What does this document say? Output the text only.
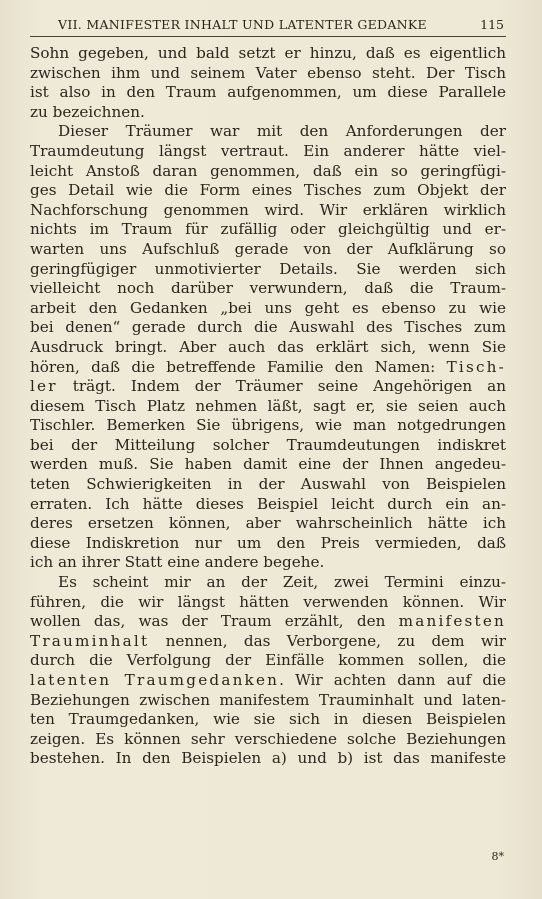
VII. MANIFESTER INHALT UND LATENTER GEDANKE	115
Sohn gegeben, und bald setzt er hinzu, daß es eigentlich
zwischen ihm und seinem Vater ebenso steht. Der Tisch
ist also in den Traum aufgenommen, um diese Parallele
zu bezeichnen.
Dieser Träumer war mit den Anforderungen der
Traumdeutung längst vertraut. Ein anderer hätte viel-
leicht Anstoß daran genommen, daß ein so geringfügi-
ges Detail wie die Form eines Tisches zum Objekt der
Nachforschung genommen wird. Wir erklären wirklich
nichts im Traum für zufällig oder gleichgültig und er-
warten uns Aufschluß gerade von der Aufklärung so
geringfügiger unmotivierter Details. Sie werden sich
vielleicht noch darüber verwundern, daß die Traum-
arbeit den Gedanken „bei uns geht es ebenso zu wie
bei denen“ gerade durch die Auswahl des Tisches zum
Ausdruck bringt. Aber auch das erklärt sich, wenn Sie
hören, daß die betreffende Familie den Namen: Tisch-
ler trägt. Indem der Träumer seine Angehörigen an
diesem Tisch Platz nehmen läßt, sagt er, sie seien auch
Tischler. Bemerken Sie übrigens, wie man notgedrungen
bei der Mitteilung solcher Traumdeutungen indiskret
werden muß. Sie haben damit eine der Ihnen angedeu-
teten Schwierigkeiten in der Auswahl von Beispielen
erraten. Ich hätte dieses Beispiel leicht durch ein an-
deres ersetzen können, aber wahrscheinlich hätte ich
diese Indiskretion nur um den Preis vermieden, daß
ich an ihrer Statt eine andere begehe.
Es scheint mir an der Zeit, zwei Termini einzu-
führen, die wir längst hätten verwenden können. Wir
wollen das, was der Traum erzählt, den manifesten
Trauminhalt nennen, das Verborgene, zu dem wir
durch die Verfolgung der Einfälle kommen sollen, die
latenten Traumgedanken. Wir achten dann auf die
Beziehungen zwischen manifestem Trauminhalt und laten-
ten Traumgedanken, wie sie sich in diesen Beispielen
zeigen. Es können sehr verschiedene solche Beziehungen
bestehen. In den Beispielen a) und b) ist das manifeste
8*
